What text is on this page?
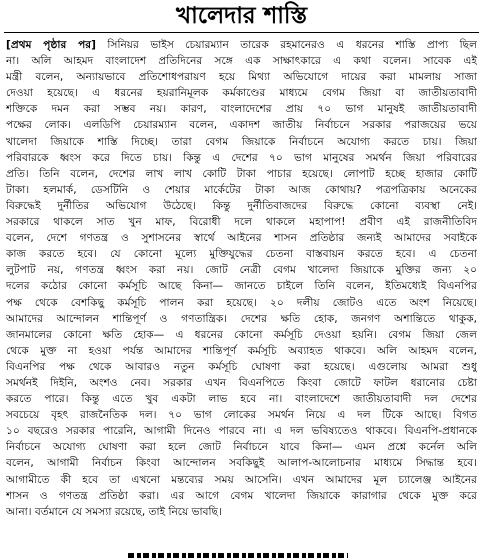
খালেদার শাস্তি
[প্রথম পৃষ্ঠার পর] সিনিয়র ভাইস চেয়ারম্যান তারেক রহমানেরও এ ধরনের শাস্তি প্রাপ্য ছিল
না। অলি আহমদ বাংলাদেশ প্রতিদিনের সঙ্গে এক সাক্ষাৎকারে এ কথা বলেন। সাবেক এই
মন্ত্রী বলেন, অন্যায়ভাবে প্রতিশোধপরায়ণ হয়ে মিথ্যা অভিযোগে দায়ের করা মামলায় সাজা
দেওয়া হয়েছে। এ ধরনের হয়রানিমূলক কর্মকাণ্ডের মাধ্যমে বেগম জিয়া বা জাতীয়তাবাদী
শক্তিকে দমন করা সম্ভব নয়। কারণ, বাংলাদেশের প্রায় ৭০ ভাগ মানুষই জাতীয়তাবাদী
পক্ষের লোক। এলডিপি চেয়ারম্যান বলেন, একাদশ জাতীয় নির্বাচনে সরকার পরাজয়ের ভয়ে
খালেদা জিয়াকে শাস্তি দিচ্ছে। তারা বেগম জিয়াকে নির্বাচনে অযোগ্য করতে চায়। জিয়া
পরিবারকে ধ্বংস করে দিতে চায়। কিন্তু এ দেশের ৭০ ভাগ মানুষের সমর্থন জিয়া পরিবারের
প্রতি। তিনি বলেন, দেশের লাখ লাখ কোটি টাকা পাচার হয়েছে। লোপাট হচ্ছে হাজার কোটি
টাকা। হলমার্ক, ডেসটিনি ও শেয়ার মার্কেটের টাকা আজ কোথায়? পত্রপত্রিকায় অনেকের
বিরুদ্ধেই দুর্নীতির অভিযোগ উঠেছে। কিন্তু দুর্নীতিবাজদের বিরুদ্ধে কোনো ব্যবস্থা নেই।
সরকারে থাকলে সাত খুন মাফ, বিরোধী দলে থাকলে মহাপাপ! প্রবীণ এই রাজনীতিবিদ
বলেন, দেশে গণতন্ত্র ও সুশাসনের স্বার্থে আইনের শাসন প্রতিষ্ঠার জন্যই আমাদের সবাইকে
কাজ করতে হবে। যে কোনো মূল্যে মুক্তিযুদ্ধের চেতনা বাস্তবায়ন করতে হবে। এ চেতনা
লুটপাট নয়, গণতন্ত্র ধ্বংস করা নয়। জোট নেত্রী বেগম খালেদা জিয়াকে মুক্তির জন্য ২০
দলের কঠোর কোনো কর্মসূচি আছে কিনা— জানতে চাইলে তিনি বলেন, ইতিমধ্যেই বিএনপির
পক্ষ থেকে বেশকিছু কর্মসূচি পালন করা হয়েছে। ২০ দলীয় জোটও এতে অংশ নিয়েছে।
আমাদের আন্দোলন শান্তিপূর্ণ ও গণতান্ত্রিক। দেশের ক্ষতি হোক, জনগণ অশান্তিতে থাকুক,
জানমালের কোনো ক্ষতি হোক— এ ধরনের কোনো কর্মসূচি দেওয়া হয়নি। বেগম জিয়া জেল
থেকে মুক্ত না হওয়া পর্যন্ত আমাদের শান্তিপূর্ণ কর্মসূচি অব্যাহত থাকবে। অলি আহমদ বলেন,
বিএনপির পক্ষ থেকে আবারও নতুন কর্মসূচি ঘোষণা করা হয়েছে। এগুলোয় আমরা শুধু
সমর্থনই দিইনি, অংশও নেব। সরকার এখন বিএনপিতে কিংবা জোটে ফাটল ধরানোর চেষ্টা
করতে পারে। কিন্তু এতে খুব একটা লাভ হবে না। বাংলাদেশে জাতীয়তাবাদী দল দেশের
সবচেয়ে বৃহৎ রাজনৈতিক দল। ৭০ ভাগ লোকের সমর্থন নিয়ে এ দল টিকে আছে। বিগত
১০ বছরেও সরকার পারেনি, আগামী দিনেও পারবে না। এ দল ভবিষ্যতেও থাকবে। বিএনপি-প্রধানকে
নির্বাচনে অযোগ্য ঘোষণা করা হলে জোট নির্বাচনে যাবে কিনা— এমন প্রশ্নে কর্নেল অলি
বলেন, আগামী নির্বাচন কিংবা আন্দোলন সবকিছুই আলাপ-আলোচনার মাধ্যমে সিদ্ধান্ত হবে।
আগামীতে কী হবে তা এখনো মন্তব্যের সময় আসেনি। এখন আমাদের মূল চ্যালেঞ্জ আইনের
শাসন ও গণতন্ত্র প্রতিষ্ঠা করা। এর আগে বেগম খালেদা জিয়াকে কারাগার থেকে মুক্ত করে
আনা। বর্তমানে যে সমস্যা রয়েছে, তাই নিয়ে ভাবছি।
